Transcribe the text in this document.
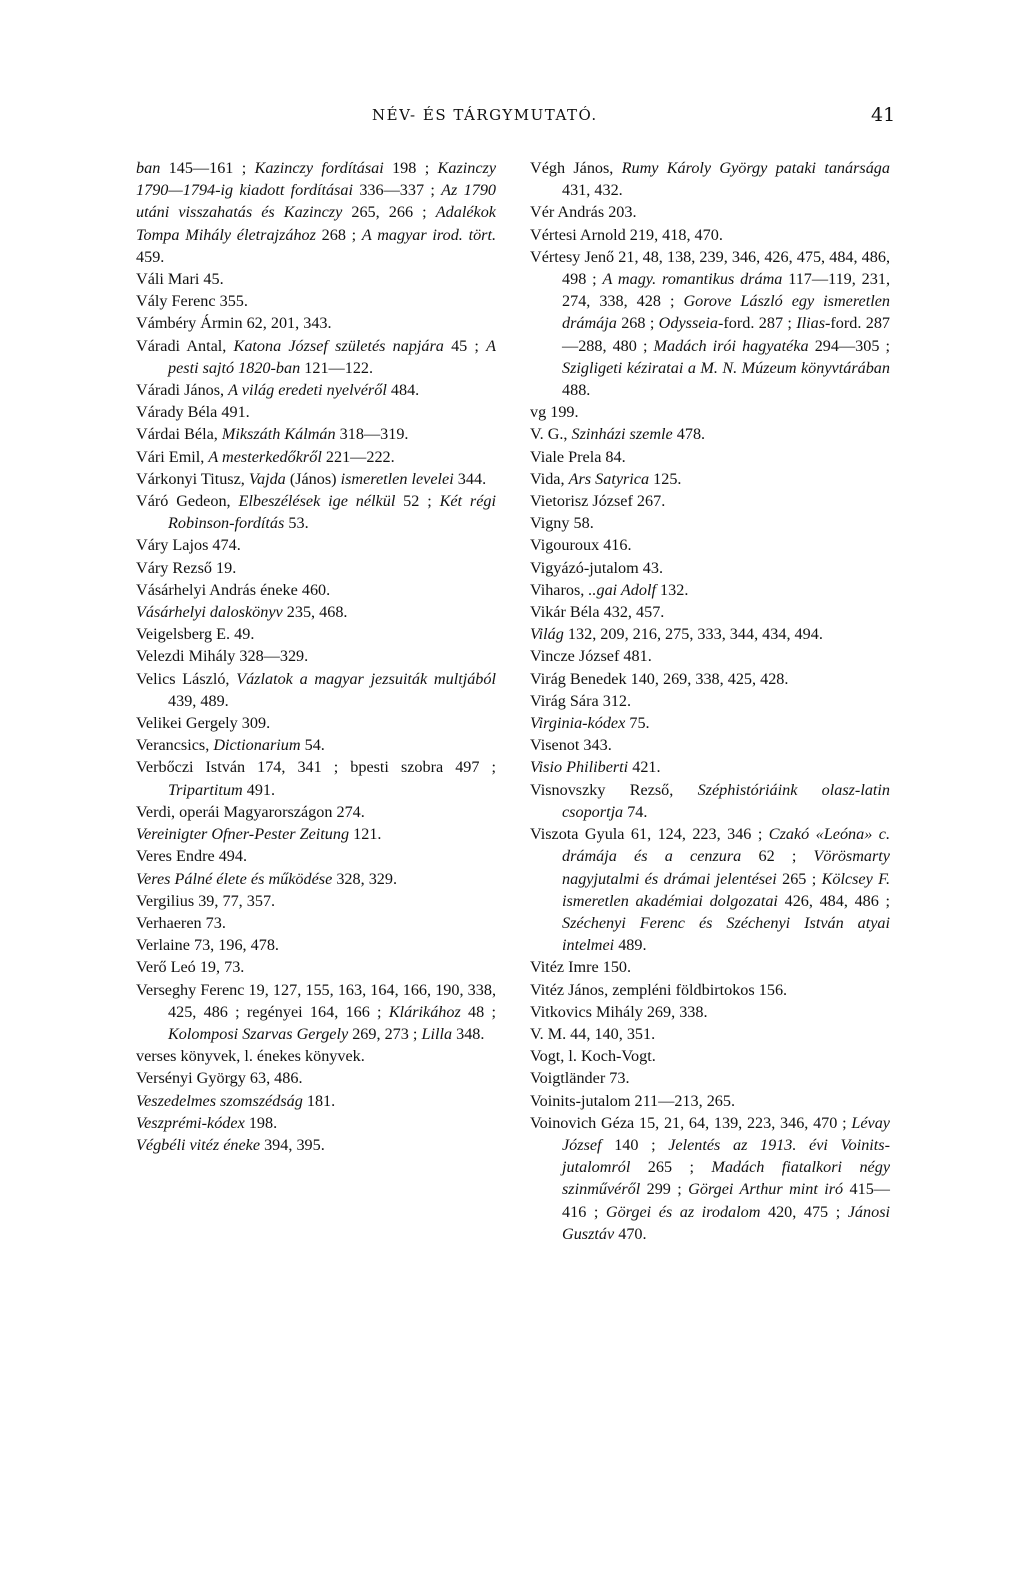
NÉV- ÉS TÁRGYMUTATÓ.	41
ban 145—161 ; Kazinczy fordításai 198 ; Kazinczy 1790—1794-ig kiadott fordításai 336—337 ; Az 1790 utáni visszahatás és Kazinczy 265, 266 ; Adalékok Tompa Mihály életrajzához 268 ; A magyar irod. tört. 459.
Váli Mari 45.
Vály Ferenc 355.
Vámbéry Ármin 62, 201, 343.
Váradi Antal, Katona József születés napjára 45 ; A pesti sajtó 1820-ban 121—122.
Váradi János, A világ eredeti nyelvéről 484.
Várady Béla 491.
Várdai Béla, Mikszáth Kálmán 318—319.
Vári Emil, A mesterkedőkről 221—222.
Várkonyi Titusz, Vajda (János) ismeretlen levelei 344.
Váró Gedeon, Elbeszélések ige nélkül 52 ; Két régi Robinson-fordítás 53.
Váry Lajos 474.
Váry Rezső 19.
Vásárhelyi András éneke 460.
Vásárhelyi daloskönyv 235, 468.
Veigelsberg E. 49.
Velezdi Mihály 328—329.
Velics László, Vázlatok a magyar jezsuiták multjából 439, 489.
Velikei Gergely 309.
Verancsics, Dictionarium 54.
Verbőczi István 174, 341 ; bpesti szobra 497 ; Tripartitum 491.
Verdi, operái Magyarországon 274.
Vereinigter Ofner-Pester Zeitung 121.
Veres Endre 494.
Veres Pálné élete és működése 328, 329.
Vergilius 39, 77, 357.
Verhaeren 73.
Verlaine 73, 196, 478.
Verő Leó 19, 73.
Verseghy Ferenc 19, 127, 155, 163, 164, 166, 190, 338, 425, 486 ; regényei 164, 166 ; Klárikához 48 ; Kolomposi Szarvas Gergely 269, 273 ; Lilla 348.
verses könyvek, l. énekes könyvek.
Versényi György 63, 486.
Veszedelmes szomszédság 181.
Veszprémi-kódex 198.
Végbéli vitéz éneke 394, 395.
Végh János, Rumy Károly György pataki tanársága 431, 432.
Vér András 203.
Vértesi Arnold 219, 418, 470.
Vértesy Jenő 21, 48, 138, 239, 346, 426, 475, 484, 486, 498 ; A magy. romantikus dráma 117—119, 231, 274, 338, 428 ; Gorove László egy ismeretlen drámája 268 ; Odysseia-ford. 287 ; Ilias-ford. 287—288, 480 ; Madách irói hagyatéka 294—305 ; Szigligeti kéziratai a M. N. Múzeum könyvtárában 488.
vg 199.
V. G., Szinházi szemle 478.
Viale Prela 84.
Vida, Ars Satyrica 125.
Vietorisz József 267.
Vigny 58.
Vigouroux 416.
Vigyázó-jutalom 43.
Viharos, ..gai Adolf 132.
Vikár Béla 432, 457.
Világ 132, 209, 216, 275, 333, 344, 434, 494.
Vincze József 481.
Virág Benedek 140, 269, 338, 425, 428.
Virág Sára 312.
Virginia-kódex 75.
Visenot 343.
Visio Philiberti 421.
Visnovszky Rezső, Széphistóriáink olasz-latin csoportja 74.
Viszota Gyula 61, 124, 223, 346 ; Czakó «Leóna» c. drámája és a cenzura 62 ; Vörösmarty nagyjutalmi és drámai jelentései 265 ; Kölcsey F. ismeretlen akadémiai dolgozatai 426, 484, 486 ; Széchenyi Ferenc és Széchenyi István atyai intelmei 489.
Vitéz Imre 150.
Vitéz János, zempléni földbirtokos 156.
Vitkovics Mihály 269, 338.
V. M. 44, 140, 351.
Vogt, l. Koch-Vogt.
Voigtländer 73.
Voinits-jutalom 211—213, 265.
Voinovich Géza 15, 21, 64, 139, 223, 346, 470 ; Lévay József 140 ; Jelentés az 1913. évi Voinits-jutalomról 265 ; Madách fiatalkori négy szinművéről 299 ; Görgei Arthur mint iró 415—416 ; Görgei és az irodalom 420, 475 ; Jánosi Gusztáv 470.
